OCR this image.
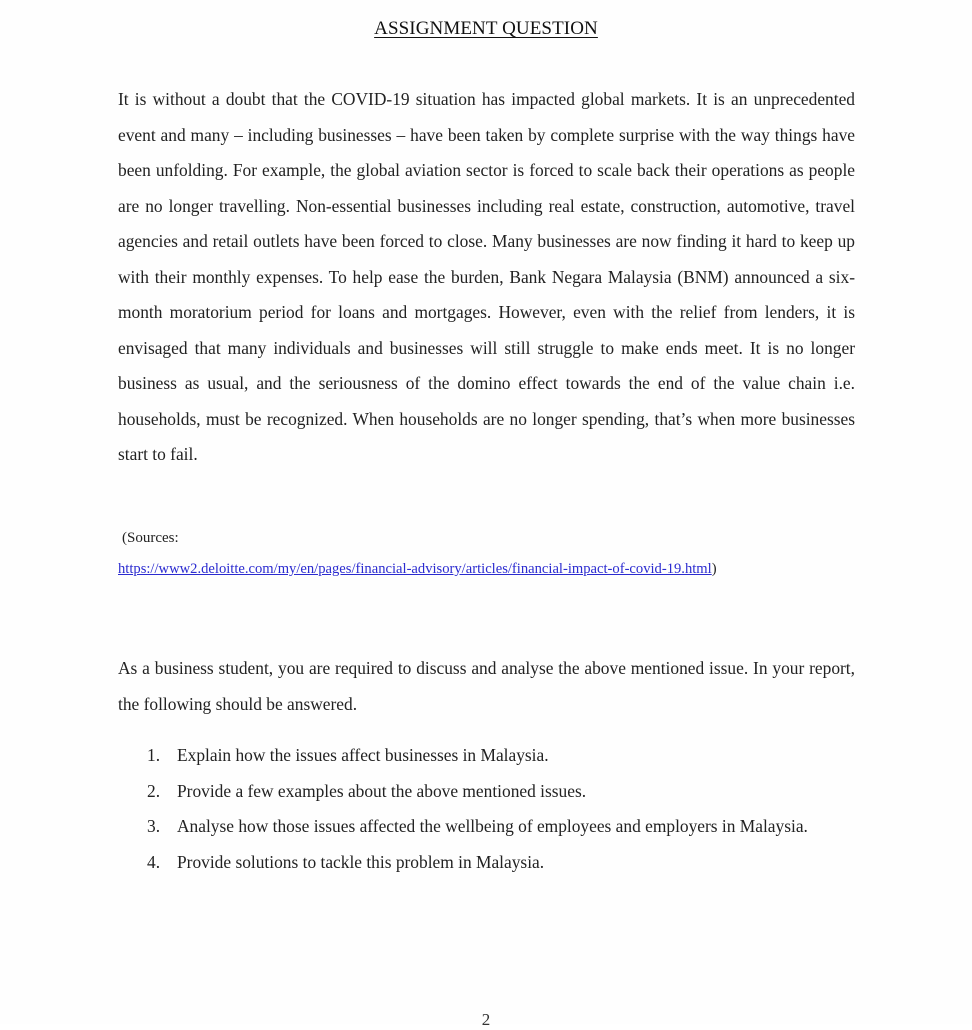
ASSIGNMENT QUESTION
It is without a doubt that the COVID-19 situation has impacted global markets. It is an unprecedented event and many – including businesses – have been taken by complete surprise with the way things have been unfolding. For example, the global aviation sector is forced to scale back their operations as people are no longer travelling. Non-essential businesses including real estate, construction, automotive, travel agencies and retail outlets have been forced to close. Many businesses are now finding it hard to keep up with their monthly expenses. To help ease the burden, Bank Negara Malaysia (BNM) announced a six-month moratorium period for loans and mortgages. However, even with the relief from lenders, it is envisaged that many individuals and businesses will still struggle to make ends meet. It is no longer business as usual, and the seriousness of the domino effect towards the end of the value chain i.e. households, must be recognized. When households are no longer spending, that’s when more businesses start to fail.
(Sources:
https://www2.deloitte.com/my/en/pages/financial-advisory/articles/financial-impact-of-covid-19.html)
As a business student, you are required to discuss and analyse the above mentioned issue. In your report, the following should be answered.
1. Explain how the issues affect businesses in Malaysia.
2. Provide a few examples about the above mentioned issues.
3. Analyse how those issues affected the wellbeing of employees and employers in Malaysia.
4. Provide solutions to tackle this problem in Malaysia.
2
